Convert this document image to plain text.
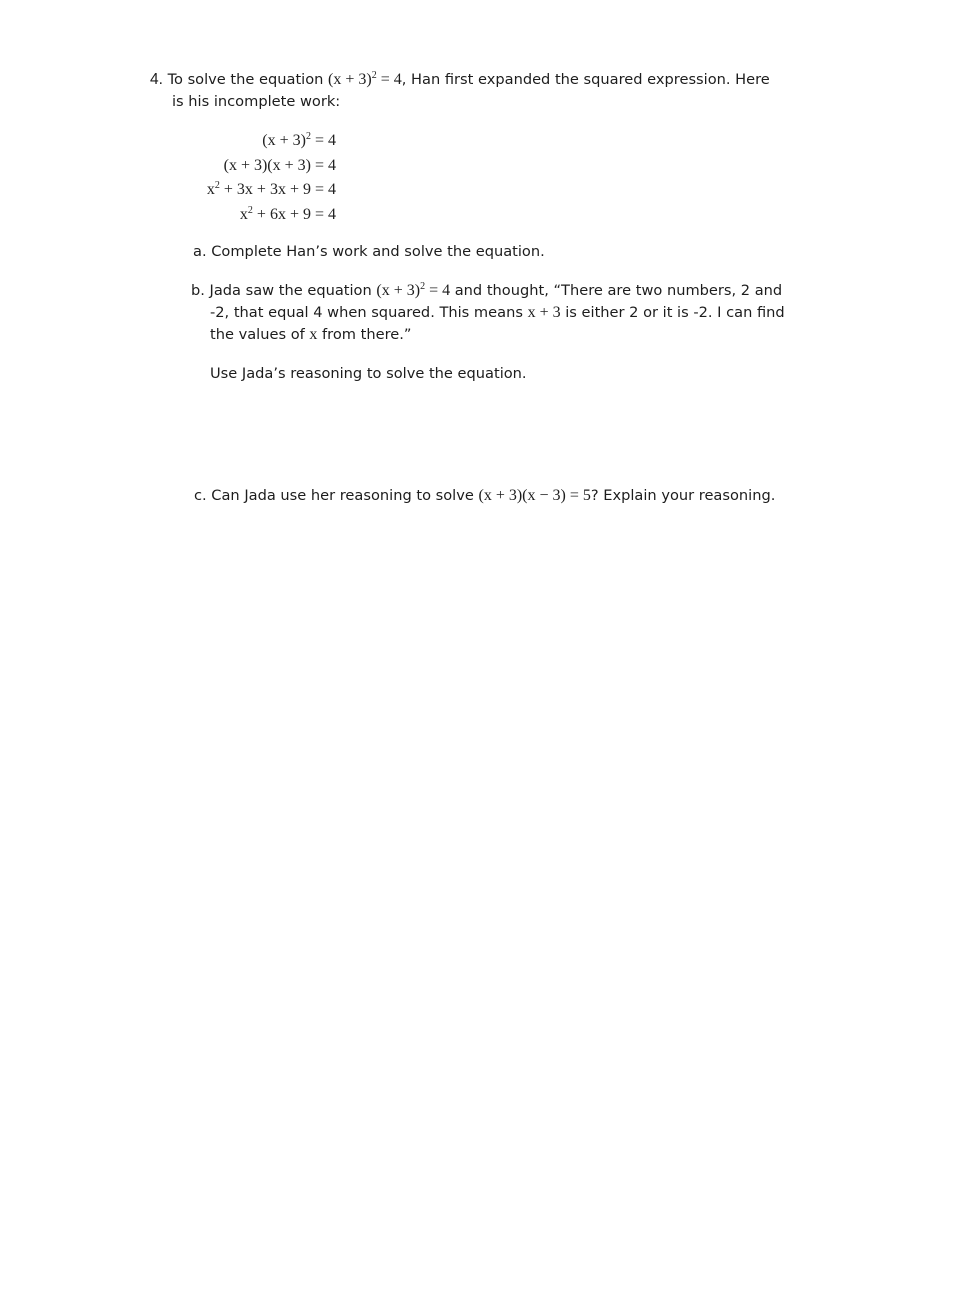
4. To solve the equation $(x + 3)^2 = 4$, Han first expanded the squared expression. Here
is his incomplete work:
$(x + 3)^2 = 4$
(x + 3)(x + 3) = 4
$x^2 + 3x + 3x + 9 = 4$
$x^2 + 6x + 9 = 4$
a. Complete Han’s work and solve the equation.
b. Jada saw the equation $(x + 3)^2 = 4$ and thought, “There are two numbers, 2 and
-2, that equal 4 when squared. This means x + 3 is either 2 or it is -2. I can find
the values of x from there.”
Use Jada’s reasoning to solve the equation.
c. Can Jada use her reasoning to solve (x + 3)(x − 3) = 5? Explain your reasoning.
